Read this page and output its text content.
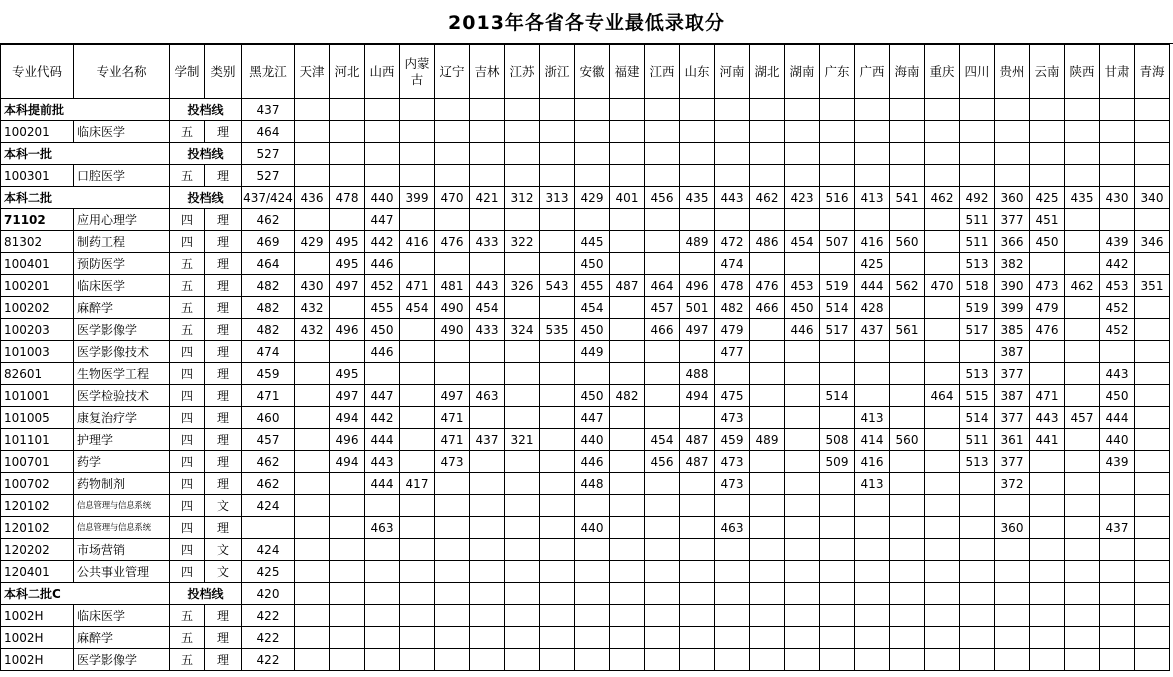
2013年各省各专业最低录取分
专业代码	专业名称	学制	类别	黑龙江	天津	河北	山西	内蒙古	辽宁	吉林	江苏	浙江	安徽	福建	江西	山东	河南	湖北	湖南	广东	广西	海南	重庆	四川	贵州	云南	陕西	甘肃	青海
本科提前批		投档线		437																									
100201	临床医学	五	理	464																									
本科一批		投档线		527																									
100301	口腔医学	五	理	527																									
本科二批		投档线		437/424	436	478	440	399	470	421	312	313	429	401	456	435	443	462	423	516	413	541	462	492	360	425	435	430	340
71102	应用心理学	四	理	462			447																	511	377	451			
81302	制药工程	四	理	469	429	495	442	416	476	433	322		445			489	472	486	454	507	416	560		511	366	450		439	346
100401	预防医学	五	理	464		495	446						450				474				425			513	382			442	
100201	临床医学	五	理	482	430	497	452	471	481	443	326	543	455	487	464	496	478	476	453	519	444	562	470	518	390	473	462	453	351
100202	麻醉学	五	理	482	432		455	454	490	454			454		457	501	482	466	450	514	428			519	399	479		452	
100203	医学影像学	五	理	482	432	496	450		490	433	324	535	450		466	497	479		446	517	437	561		517	385	476		452	
101003	医学影像技术	四	理	474			446						449				477								387				
82601	生物医学工程	四	理	459		495										488								513	377			443	
101001	医学检验技术	四	理	471		497	447		497	463			450	482		494	475			514			464	515	387	471		450	
101005	康复治疗学	四	理	460		494	442		471				447				473				413			514	377	443	457	444	
101101	护理学	四	理	457		496	444		471	437	321		440		454	487	459	489		508	414	560		511	361	441		440	
100701	药学	四	理	462		494	443		473				446		456	487	473			509	416			513	377			439	
100702	药物制剂	四	理	462			444	417					448				473				413				372				
120102	信息管理与信息系统	四	文	424																									
120102	信息管理与信息系统	四	理				463						440				463								360			437	
120202	市场营销	四	文	424																									
120401	公共事业管理	四	文	425																									
本科二批C		投档线		420																									
1002H	临床医学	五	理	422																									
1002H	麻醉学	五	理	422																									
1002H	医学影像学	五	理	422																									
